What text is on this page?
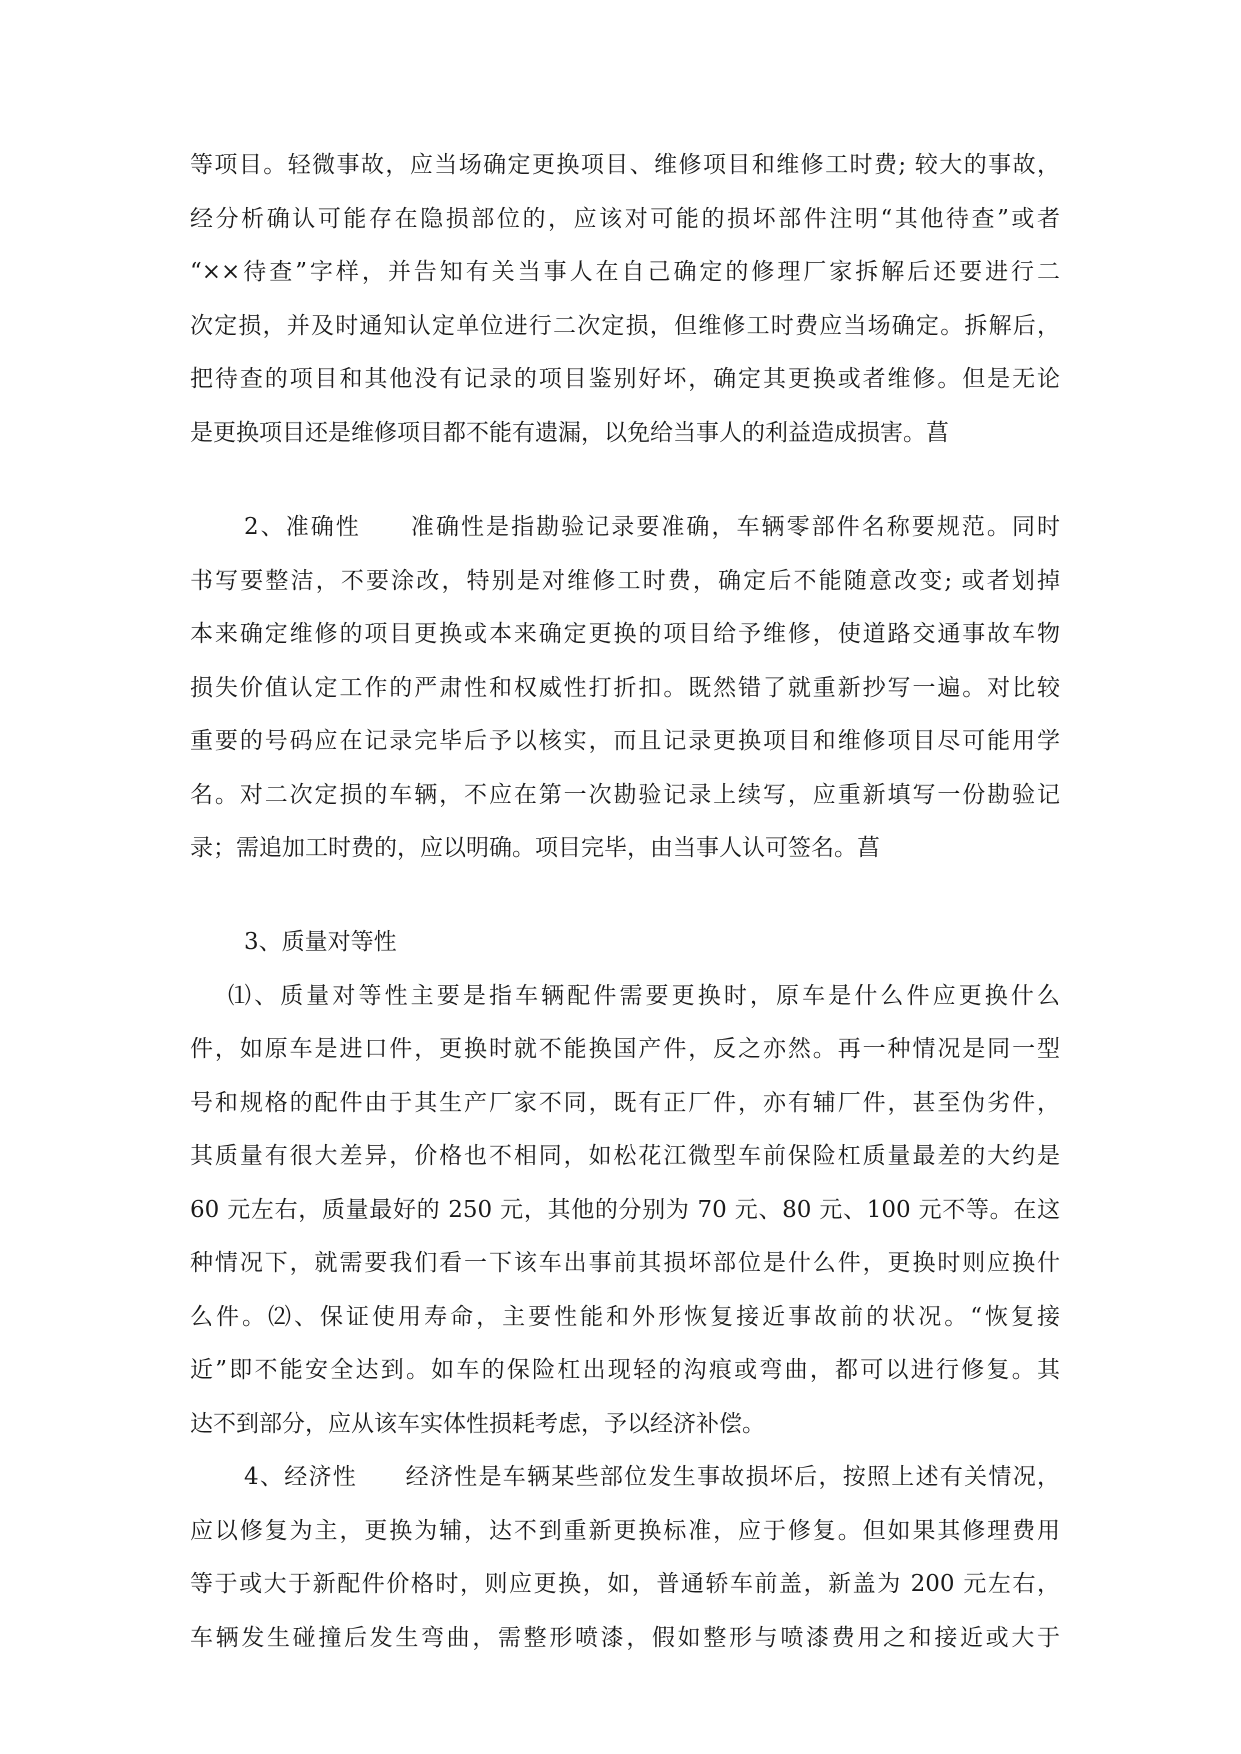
等项目。轻微事故，应当场确定更换项目、维修项目和维修工时费; 较大的事故，
经分析确认可能存在隐损部位的，应该对可能的损坏部件注明“其他待查”或者
“××待查”字样，并告知有关当事人在自己确定的修理厂家拆解后还要进行二
次定损，并及时通知认定单位进行二次定损，但维修工时费应当场确定。拆解后，
把待查的项目和其他没有记录的项目鉴别好坏，确定其更换或者维修。但是无论
是更换项目还是维修项目都不能有遗漏，以免给当事人的利益造成损害。菖
2、准确性　　准确性是指勘验记录要准确，车辆零部件名称要规范。同时
书写要整洁，不要涂改，特别是对维修工时费，确定后不能随意改变; 或者划掉
本来确定维修的项目更换或本来确定更换的项目给予维修，使道路交通事故车物
损失价值认定工作的严肃性和权威性打折扣。既然错了就重新抄写一遍。对比较
重要的号码应在记录完毕后予以核实，而且记录更换项目和维修项目尽可能用学
名。对二次定损的车辆，不应在第一次勘验记录上续写，应重新填写一份勘验记
录；需追加工时费的，应以明确。项目完毕，由当事人认可签名。菖
3、质量对等性
⑴、质量对等性主要是指车辆配件需要更换时，原车是什么件应更换什么
件，如原车是进口件，更换时就不能换国产件，反之亦然。再一种情况是同一型
号和规格的配件由于其生产厂家不同，既有正厂件，亦有辅厂件，甚至伪劣件，
其质量有很大差异，价格也不相同，如松花江微型车前保险杠质量最差的大约是
60 元左右，质量最好的 250 元，其他的分别为 70 元、80 元、100 元不等。在这
种情况下，就需要我们看一下该车出事前其损坏部位是什么件，更换时则应换什
么件。⑵、保证使用寿命，主要性能和外形恢复接近事故前的状况。“恢复接
近”即不能安全达到。如车的保险杠出现轻的沟痕或弯曲，都可以进行修复。其
达不到部分，应从该车实体性损耗考虑，予以经济补偿。
4、经济性　　经济性是车辆某些部位发生事故损坏后，按照上述有关情况，
应以修复为主，更换为辅，达不到重新更换标准，应于修复。但如果其修理费用
等于或大于新配件价格时，则应更换，如，普通轿车前盖，新盖为 200 元左右，
车辆发生碰撞后发生弯曲，需整形喷漆，假如整形与喷漆费用之和接近或大于
